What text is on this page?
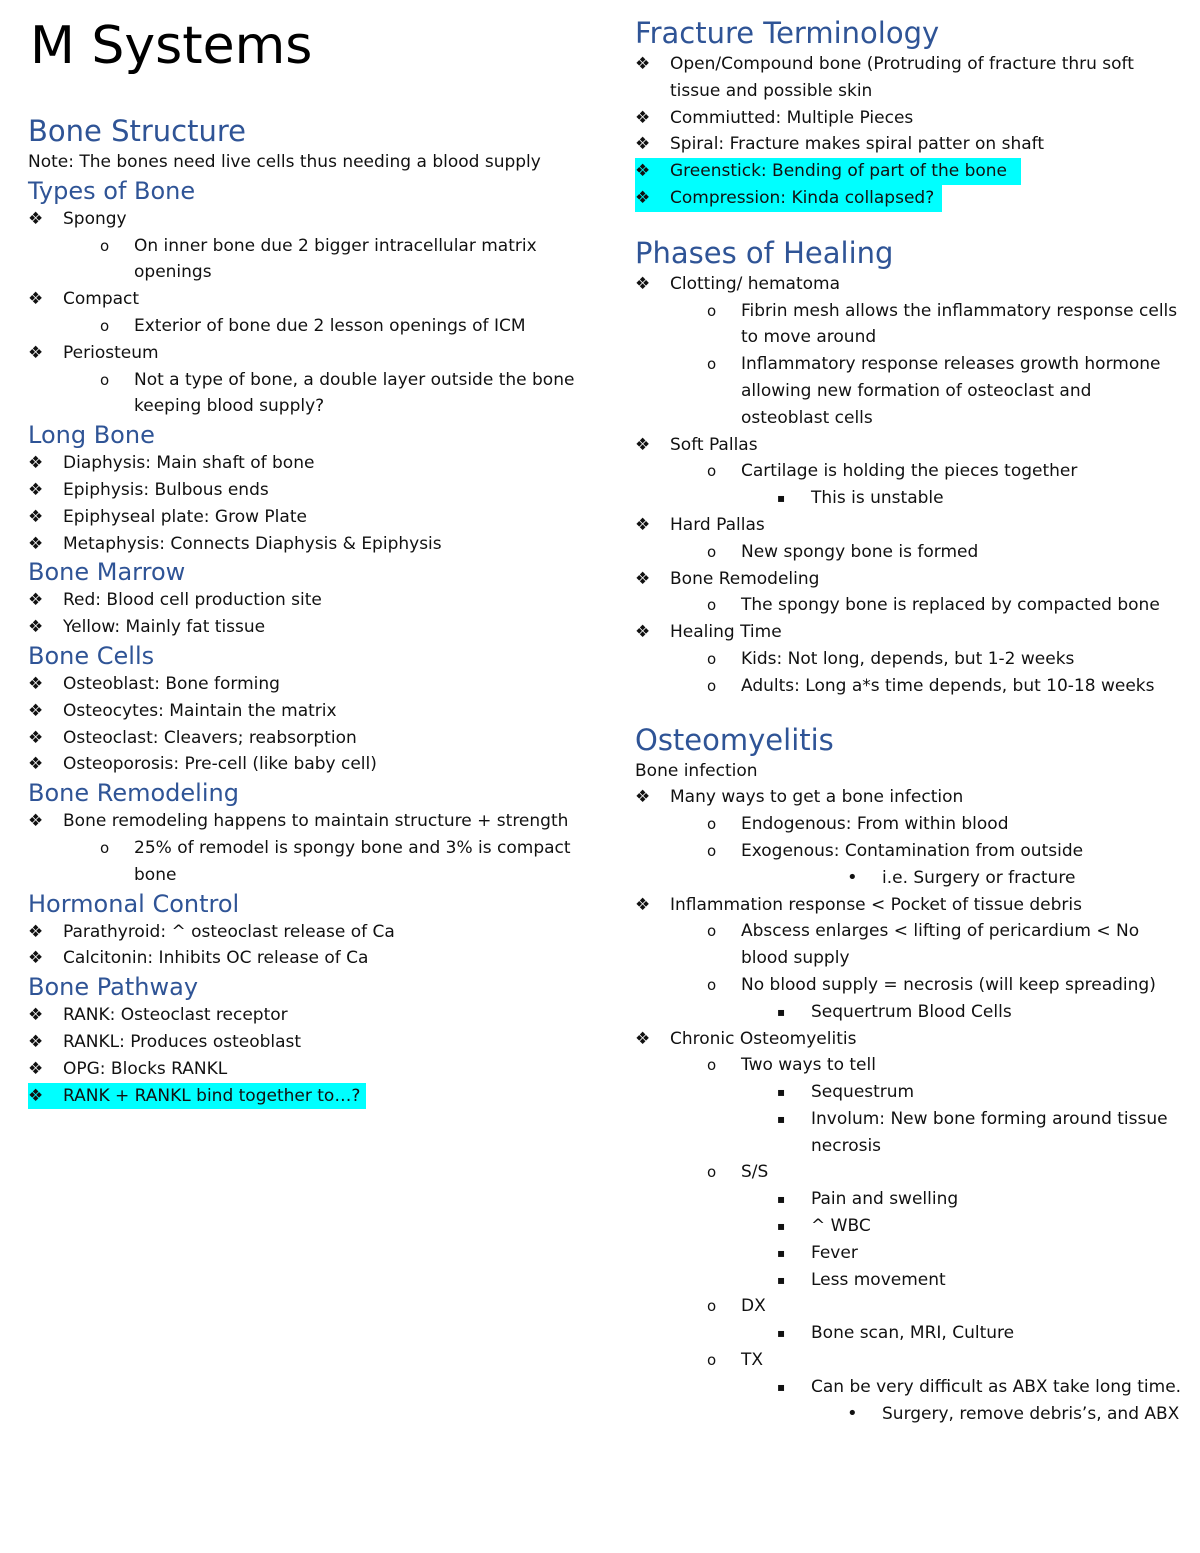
M Systems
Bone Structure
Note: The bones need live cells thus needing a blood supply
Types of Bone
❖ Spongy
o On inner bone due 2 bigger intracellular matrix openings
❖ Compact
o Exterior of bone due 2 lesson openings of ICM
❖ Periosteum
o Not a type of bone, a double layer outside the bone keeping blood supply?
Long Bone
❖ Diaphysis: Main shaft of bone
❖ Epiphysis: Bulbous ends
❖ Epiphyseal plate: Grow Plate
❖ Metaphysis: Connects Diaphysis & Epiphysis
Bone Marrow
❖ Red: Blood cell production site
❖ Yellow: Mainly fat tissue
Bone Cells
❖ Osteoblast: Bone forming
❖ Osteocytes: Maintain the matrix
❖ Osteoclast: Cleavers; reabsorption
❖ Osteoporosis: Pre-cell (like baby cell)
Bone Remodeling
❖ Bone remodeling happens to maintain structure + strength
o 25% of remodel is spongy bone and 3% is compact bone
Hormonal Control
❖ Parathyroid: ^ osteoclast release of Ca
❖ Calcitonin: Inhibits OC release of Ca
Bone Pathway
❖ RANK: Osteoclast receptor
❖ RANKL: Produces osteoblast
❖ OPG: Blocks RANKL
❖ RANK + RANKL bind together to…?
Fracture Terminology
❖ Open/Compound bone (Protruding of fracture thru soft tissue and possible skin
❖ Commiutted: Multiple Pieces
❖ Spiral: Fracture makes spiral patter on shaft
❖ Greenstick: Bending of part of the bone
❖ Compression: Kinda collapsed?
Phases of Healing
❖ Clotting/ hematoma
o Fibrin mesh allows the inflammatory response cells to move around
o Inflammatory response releases growth hormone allowing new formation of osteoclast and osteoblast cells
❖ Soft Pallas
o Cartilage is holding the pieces together
▪ This is unstable
❖ Hard Pallas
o New spongy bone is formed
❖ Bone Remodeling
o The spongy bone is replaced by compacted bone
❖ Healing Time
o Kids: Not long, depends, but 1-2 weeks
o Adults: Long a*s time depends, but 10-18 weeks
Osteomyelitis
Bone infection
❖ Many ways to get a bone infection
o Endogenous: From within blood
o Exogenous: Contamination from outside
• i.e. Surgery or fracture
❖ Inflammation response < Pocket of tissue debris
o Abscess enlarges < lifting of pericardium < No blood supply
o No blood supply = necrosis (will keep spreading)
▪ Sequertrum Blood Cells
❖ Chronic Osteomyelitis
o Two ways to tell
▪ Sequestrum
▪ Involum: New bone forming around tissue necrosis
o S/S
▪ Pain and swelling
▪ ^ WBC
▪ Fever
▪ Less movement
o DX
▪ Bone scan, MRI, Culture
o TX
▪ Can be very difficult as ABX take long time.
• Surgery, remove debris’s, and ABX
